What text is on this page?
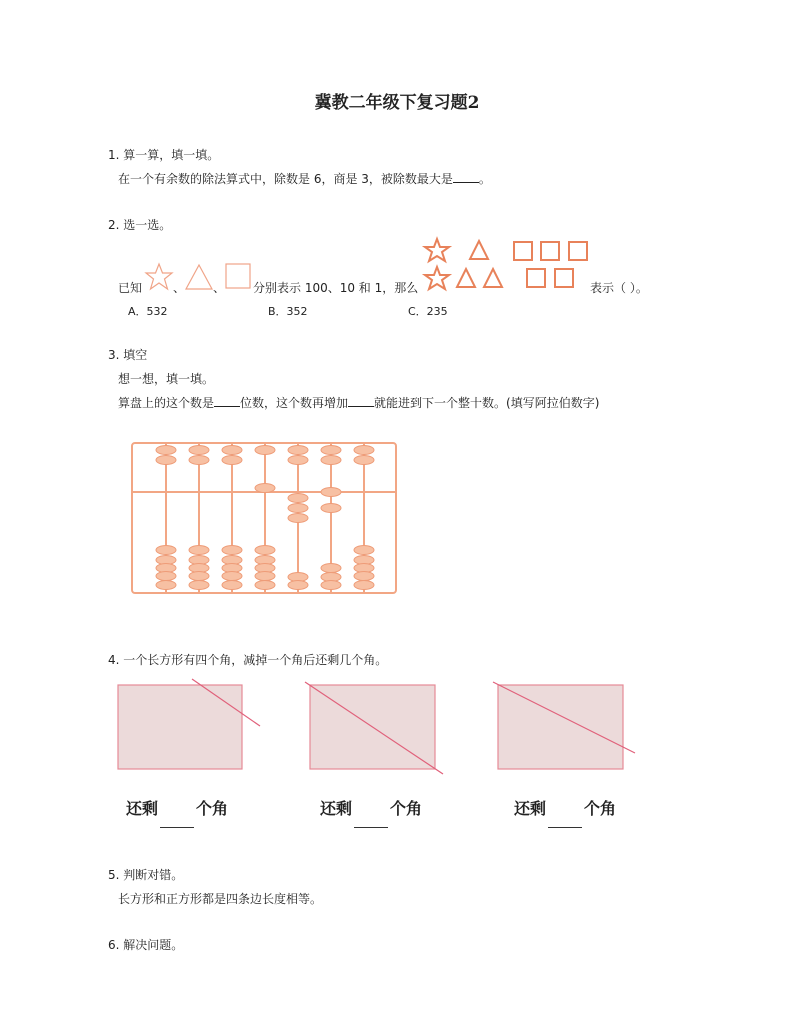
冀教二年级下复习题2
1. 算一算，填一填。
在一个有余数的除法算式中，除数是 6，商是 3，被除数最大是 。
2. 选一选。
已知	、 、 分别表示 100、10 和 1，那么	表示（ ）。
A．532	B．352	C．235
3. 填空
想一想，填一填。
算盘上的这个数是 位数，这个数再增加 就能进到下一个整十数。(填写阿拉伯数字)
4. 一个长方形有四个角，减掉一个角后还剩几个角。
还剩 个角	还剩 个角	还剩 个角
5. 判断对错。
长方形和正方形都是四条边长度相等。
6. 解决问题。
